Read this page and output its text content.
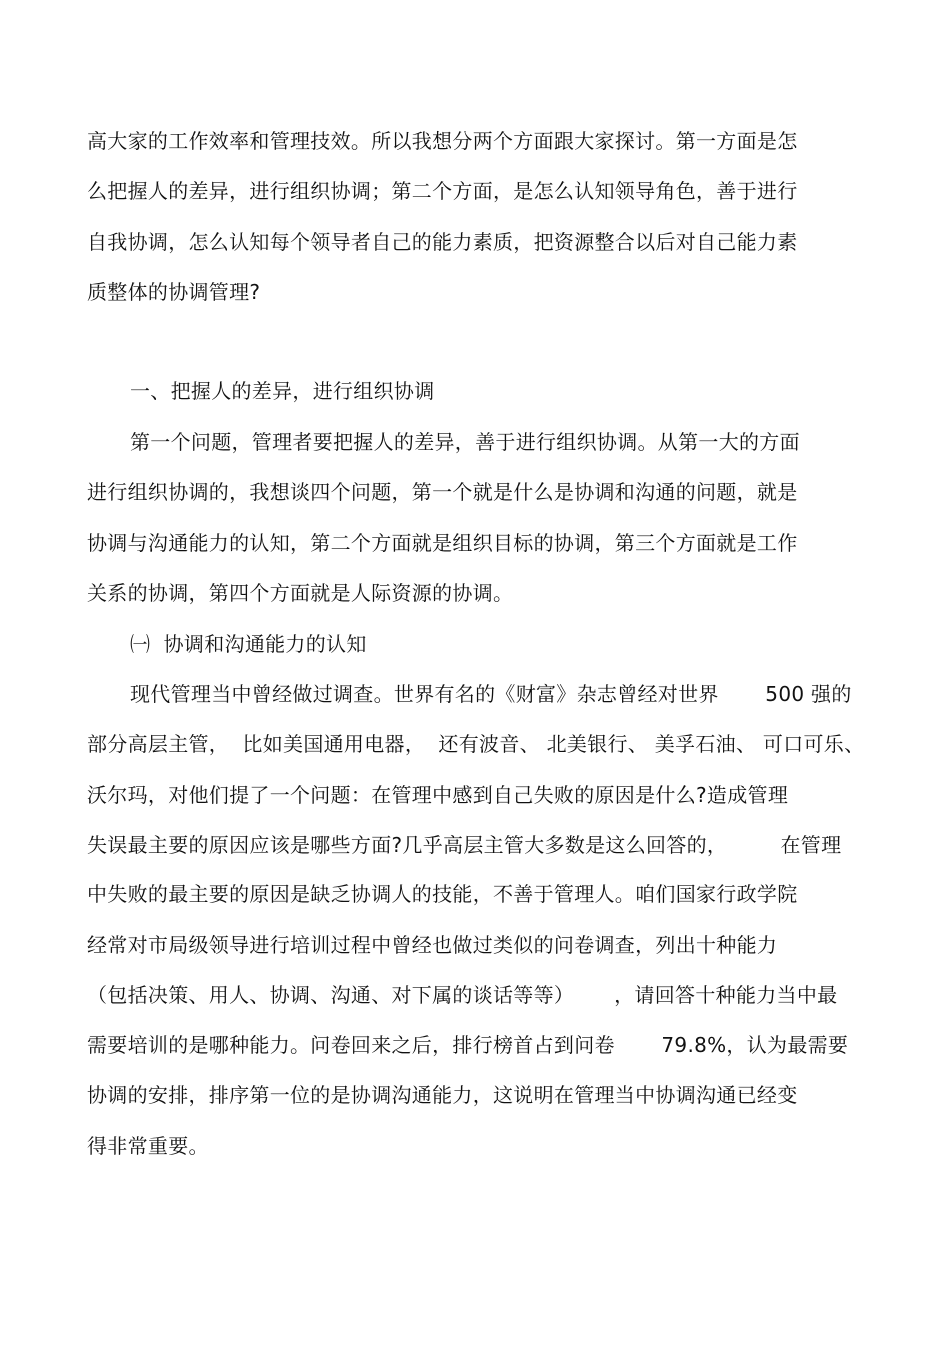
高大家的工作效率和管理技效。所以我想分两个方面跟大家探讨。第一方面是怎
么把握人的差异，进行组织协调；第二个方面，是怎么认知领导角色，善于进行
自我协调，怎么认知每个领导者自己的能力素质，把资源整合以后对自己能力素
质整体的协调管理?
一、把握人的差异，进行组织协调
第一个问题，管理者要把握人的差异，善于进行组织协调。从第一大的方面
进行组织协调的，我想谈四个问题，第一个就是什么是协调和沟通的问题，就是
协调与沟通能力的认知，第二个方面就是组织目标的协调，第三个方面就是工作
关系的协调，第四个方面就是人际资源的协调。
㈠  协调和沟通能力的认知
现代管理当中曾经做过调查。世界有名的《财富》杂志曾经对世界       500 强的
部分高层主管，  比如美国通用电器，  还有波音、 北美银行、 美孚石油、 可口可乐、
沃尔玛，对他们提了一个问题：在管理中感到自己失败的原因是什么?造成管理
失误最主要的原因应该是哪些方面?几乎高层主管大多数是这么回答的，        在管理
中失败的最主要的原因是缺乏协调人的技能，不善于管理人。咱们国家行政学院
经常对市局级领导进行培训过程中曾经也做过类似的问卷调查，列出十种能力
（包括决策、用人、协调、沟通、对下属的谈话等等）      ，请回答十种能力当中最
需要培训的是哪种能力。问卷回来之后，排行榜首占到问卷       79.8%，认为最需要
协调的安排，排序第一位的是协调沟通能力，这说明在管理当中协调沟通已经变
得非常重要。
